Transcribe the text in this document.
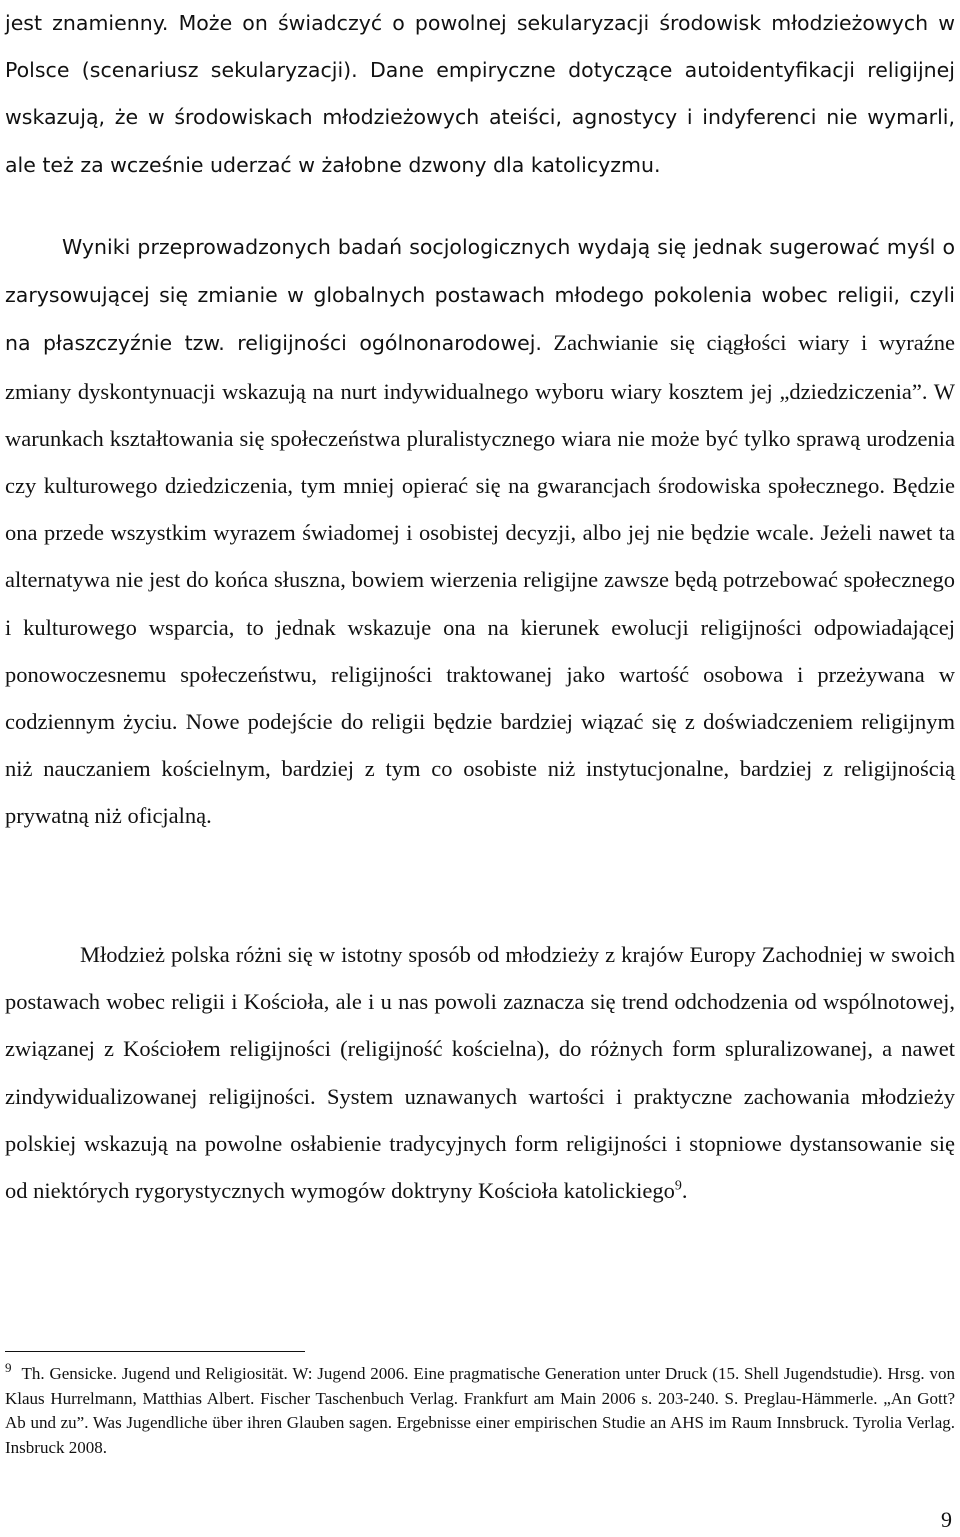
jest znamienny. Może on świadczyć o powolnej sekularyzacji środowisk młodzieżowych w Polsce (scenariusz sekularyzacji). Dane empiryczne dotyczące autoidentyfikacji religijnej wskazują, że w środowiskach młodzieżowych ateiści, agnostycy i indyferenci nie wymarli, ale też za wcześnie uderzać w żałobne dzwony dla katolicyzmu.

Wyniki przeprowadzonych badań socjologicznych wydają się jednak sugerować myśl o zarysowującej się zmianie w globalnych postawach młodego pokolenia wobec religii, czyli na płaszczyźnie tzw. religijności ogólnonarodowej. Zachwianie się ciągłości wiary i wyraźne zmiany dyskontynuacji wskazują na nurt indywidualnego wyboru wiary kosztem jej „dziedziczenia”. W warunkach kształtowania się społeczeństwa pluralistycznego wiara nie może być tylko sprawą urodzenia czy kulturowego dziedziczenia, tym mniej opierać się na gwarancjach środowiska społecznego. Będzie ona przede wszystkim wyrazem świadomej i osobistej decyzji, albo jej nie będzie wcale. Jeżeli nawet ta alternatywa nie jest do końca słuszna, bowiem wierzenia religijne zawsze będą potrzebować społecznego i kulturowego wsparcia, to jednak wskazuje ona na kierunek ewolucji religijności odpowiadającej ponowoczesnemu społeczeństwu, religijności traktowanej jako wartość osobowa i przeżywana w codziennym życiu. Nowe podejście do religii będzie bardziej wiązać się z doświadczeniem religijnym niż nauczaniem kościelnym, bardziej z tym co osobiste niż instytucjonalne, bardziej z religijnością prywatną niż oficjalną.

Młodzież polska różni się w istotny sposób od młodzieży z krajów Europy Zachodniej w swoich postawach wobec religii i Kościoła, ale i u nas powoli zaznacza się trend odchodzenia od wspólnotowej, związanej z Kościołem religijności (religijność kościelna), do różnych form spluralizowanej, a nawet zindywidualizowanej religijności. System uznawanych wartości i praktyczne zachowania młodzieży polskiej wskazują na powolne osłabienie tradycyjnych form religijności i stopniowe dystansowanie się od niektórych rygorystycznych wymogów doktryny Kościoła katolickiego$^9$.

$^9$ Th. Gensicke. Jugend und Religiosität. W: Jugend 2006. Eine pragmatische Generation unter Druck (15. Shell Jugendstudie). Hrsg. von Klaus Hurrelmann, Matthias Albert. Fischer Taschenbuch Verlag. Frankfurt am Main 2006 s. 203-240. S. Preglau-Hämmerle. „An Gott? Ab und zu”. Was Jugendliche über ihren Glauben sagen. Ergebnisse einer empirischen Studie an AHS im Raum Innsbruck. Tyrolia Verlag. Insbruck 2008.

9
